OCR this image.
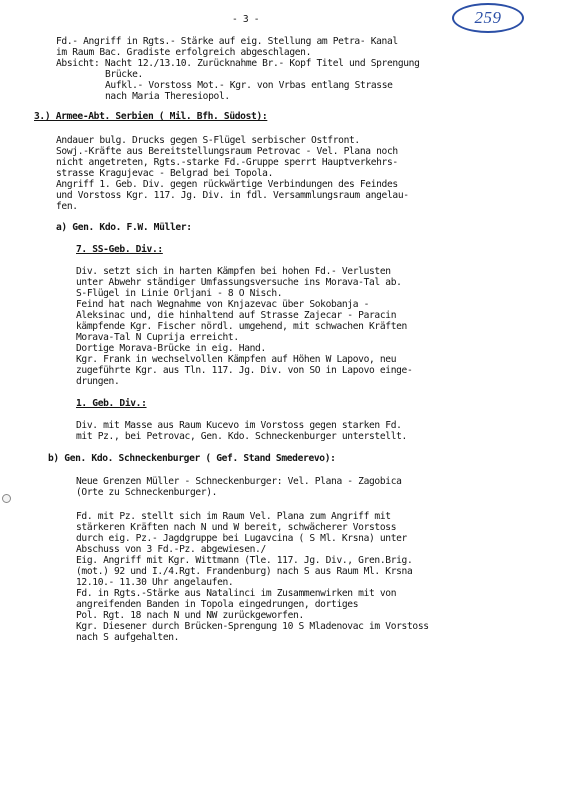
259
- 3 -
Fd.- Angriff in Rgts.- Stärke auf eig. Stellung am Petra- Kanal
im Raum Bac. Gradiste erfolgreich abgeschlagen.
Absicht: Nacht 12./13.10. Zurücknahme Br.- Kopf Titel und Sprengung
Brücke.
Aufkl.- Vorstoss Mot.- Kgr. von Vrbas entlang Strasse
nach Maria Theresiopol.
3.) Armee-Abt. Serbien ( Mil. Bfh. Südost):
Andauer bulg. Drucks gegen S-Flügel serbischer Ostfront.
Sowj.-Kräfte aus Bereitstellungsraum Petrovac - Vel. Plana noch
nicht angetreten, Rgts.-starke Fd.-Gruppe sperrt Hauptverkehrs-
strasse Kragujevac - Belgrad bei Topola.
Angriff 1. Geb. Div. gegen rückwärtige Verbindungen des Feindes
und Vorstoss Kgr. 117. Jg. Div. in fdl. Versammlungsraum angelau-
fen.
a) Gen. Kdo. F.W. Müller:
7. SS-Geb. Div.:
Div. setzt sich in harten Kämpfen bei hohen Fd.- Verlusten
unter Abwehr ständiger Umfassungsversuche ins Morava-Tal ab.
S-Flügel in Linie Orljani - 8 O Nisch.
Feind hat nach Wegnahme von Knjazevac über Sokobanja -
Aleksinac und, die hinhaltend auf Strasse Zajecar - Paracin
kämpfende Kgr. Fischer nördl. umgehend, mit schwachen Kräften
Morava-Tal N Cuprija erreicht.
Dortige Morava-Brücke in eig. Hand.
Kgr. Frank in wechselvollen Kämpfen auf Höhen W Lapovo, neu
zugeführte Kgr. aus Tln. 117. Jg. Div. von SO in Lapovo einge-
drungen.
1. Geb. Div.:
Div. mit Masse aus Raum Kucevo im Vorstoss gegen starken Fd.
mit Pz., bei Petrovac, Gen. Kdo. Schneckenburger unterstellt.
b) Gen. Kdo. Schneckenburger ( Gef. Stand Smederevo):
Neue Grenzen Müller - Schneckenburger: Vel. Plana - Zagobica
(Orte zu Schneckenburger).
Fd. mit Pz. stellt sich im Raum Vel. Plana zum Angriff mit
stärkeren Kräften nach N und W bereit, schwächerer Vorstoss
durch eig. Pz.- Jagdgruppe bei Lugavcina ( S Ml. Krsna) unter
Abschuss von 3 Fd.-Pz. abgewiesen./
Eig. Angriff mit Kgr. Wittmann (Tle. 117. Jg. Div., Gren.Brig.
(mot.) 92 und I./4.Rgt. Frandenburg) nach S aus Raum Ml. Krsna
12.10.- 11.30 Uhr angelaufen.
Fd. in Rgts.-Stärke aus Natalinci im Zusammenwirken mit von
angreifenden Banden in Topola eingedrungen, dortiges
Pol. Rgt. 18 nach N und NW zurückgeworfen.
Kgr. Diesener durch Brücken-Sprengung 10 S Mladenovac im Vorstoss
nach S aufgehalten.
